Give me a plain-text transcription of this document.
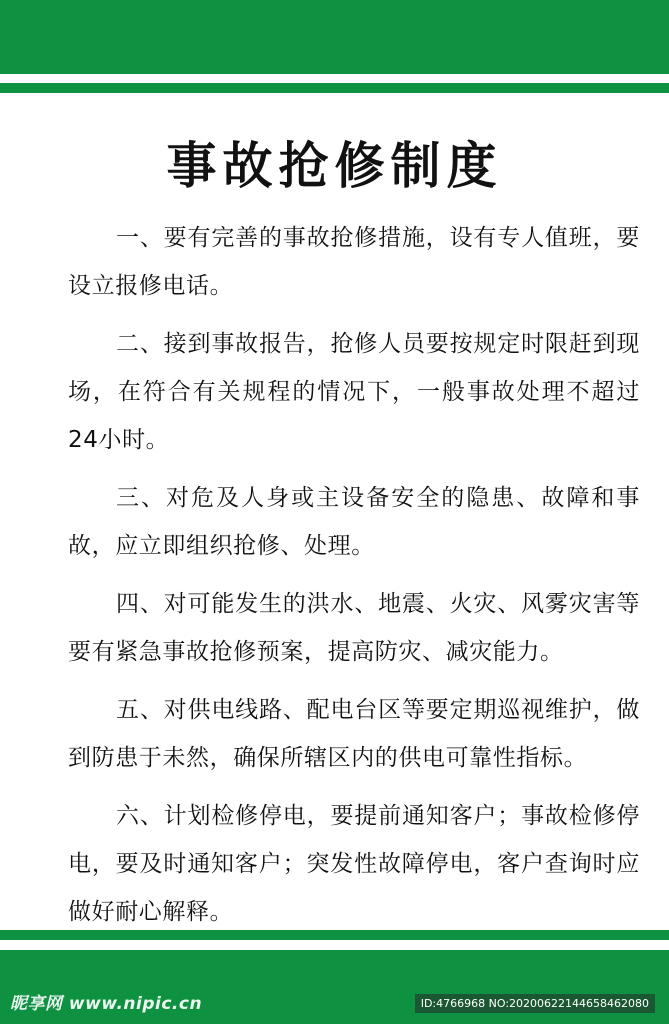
事故抢修制度

一、要有完善的事故抢修措施，设有专人值班，要设立报修电话。

二、接到事故报告，抢修人员要按规定时限赶到现场，在符合有关规程的情况下，一般事故处理不超过24小时。

三、对危及人身或主设备安全的隐患、故障和事故，应立即组织抢修、处理。

四、对可能发生的洪水、地震、火灾、风雾灾害等要有紧急事故抢修预案，提高防灾、减灾能力。

五、对供电线路、配电台区等要定期巡视维护，做到防患于未然，确保所辖区内的供电可靠性指标。

六、计划检修停电，要提前通知客户；事故检修停电，要及时通知客户；突发性故障停电，客户查询时应做好耐心解释。

昵享网 www.nipic.cn	ID:4766968 NO:20200622144658462080
